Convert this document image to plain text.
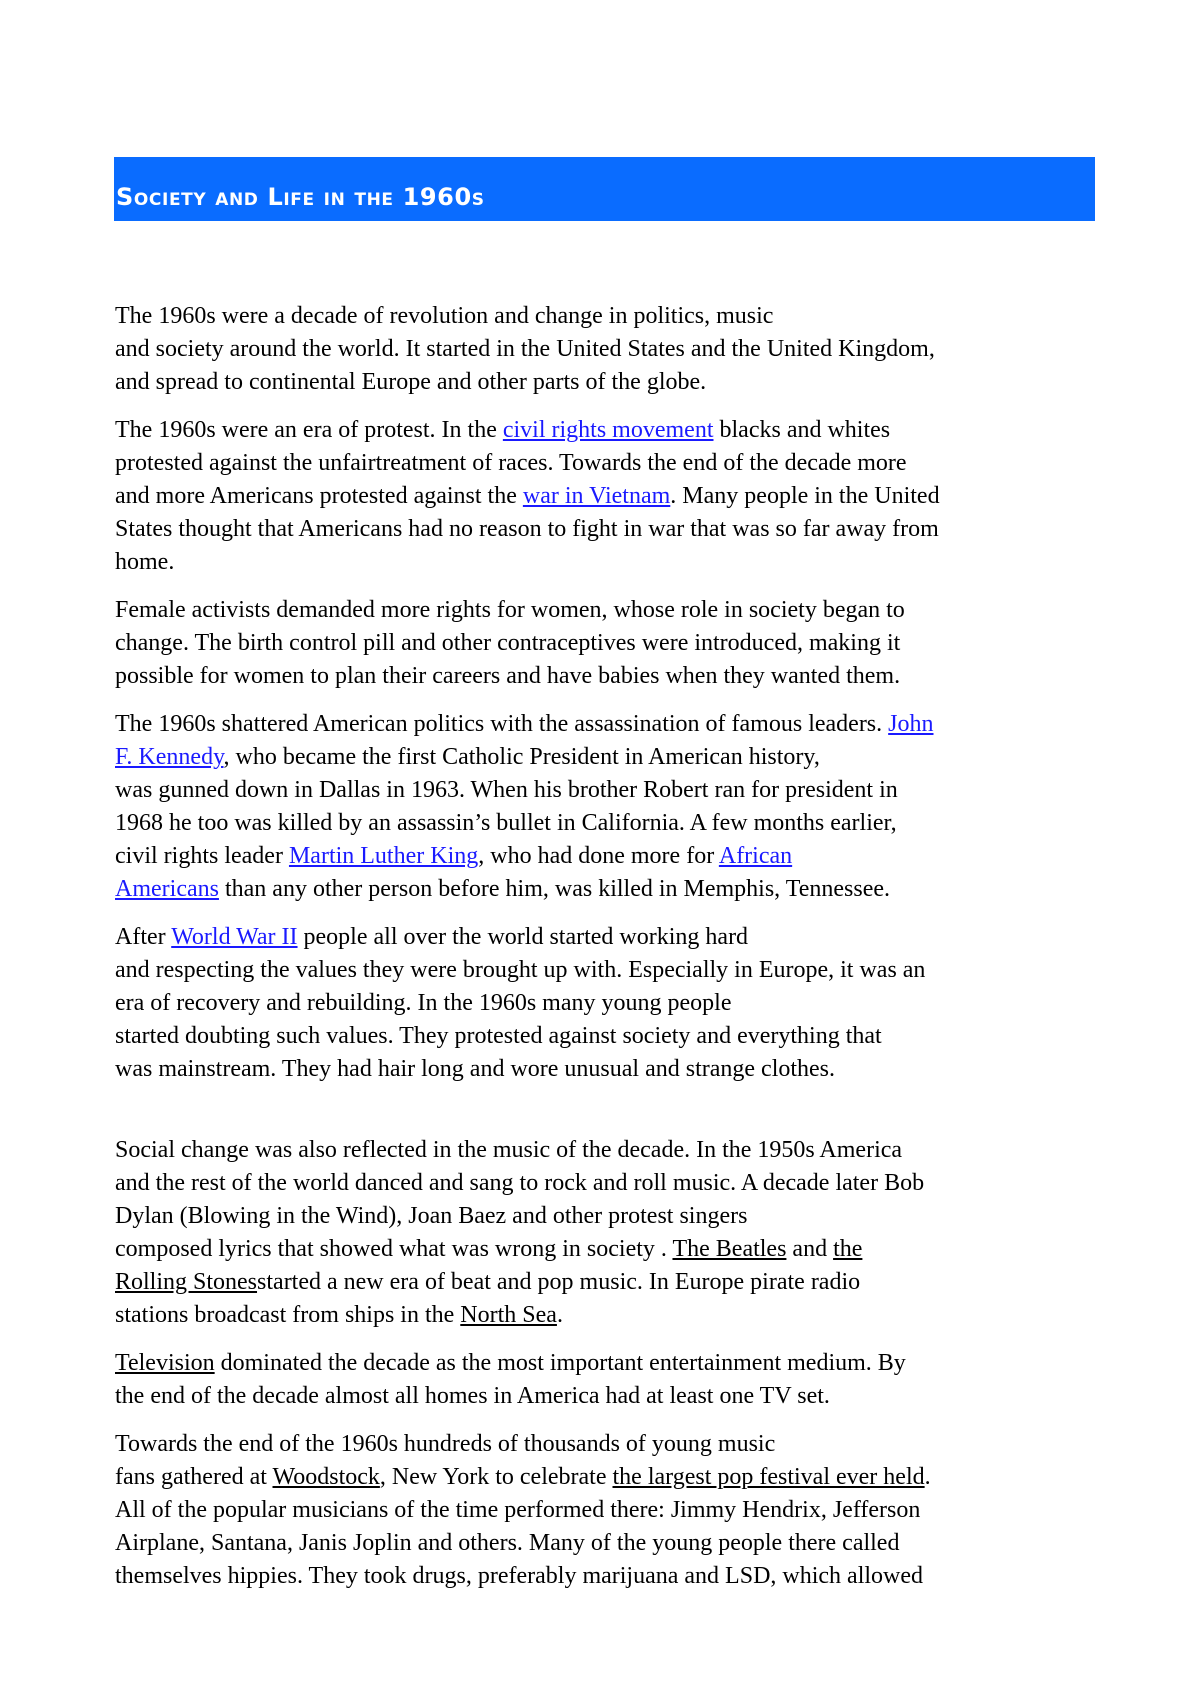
Society and Life in the 1960s
The 1960s were a decade of revolution and change in politics, music
and society around the world. It started in the United States and the United Kingdom,
and spread to continental Europe and other parts of the globe.
The 1960s were an era of protest. In the civil rights movement blacks and whites
protested against the unfairtreatment of races. Towards the end of the decade more
and more Americans protested against the war in Vietnam. Many people in the United
States thought that Americans had no reason to fight in war that was so far away from
home.
Female activists demanded more rights for women, whose role in society began to
change. The birth control pill and other contraceptives were introduced, making it
possible for women to plan their careers and have babies when they wanted them.
The 1960s shattered American politics with the assassination of famous leaders. John
F. Kennedy, who became the first Catholic President in American history,
was gunned down in Dallas in 1963. When his brother Robert ran for president in
1968 he too was killed by an assassin’s bullet in California. A few months earlier,
civil rights leader Martin Luther King, who had done more for African
Americans than any other person before him, was killed in Memphis, Tennessee.
After World War II people all over the world started working hard
and respecting the values they were brought up with. Especially in Europe, it was an
era of recovery and rebuilding. In the 1960s many young people
started doubting such values. They protested against society and everything that
was mainstream. They had hair long and wore unusual and strange clothes.
Social change was also reflected in the music of the decade. In the 1950s America
and the rest of the world danced and sang to rock and roll music. A decade later Bob
Dylan (Blowing in the Wind), Joan Baez and other protest singers
composed lyrics that showed what was wrong in society . The Beatles and the
Rolling Stonesstarted a new era of beat and pop music. In Europe pirate radio
stations broadcast from ships in the North Sea.
Television dominated the decade as the most important entertainment medium. By
the end of the decade almost all homes in America had at least one TV set.
Towards the end of the 1960s hundreds of thousands of young music
fans gathered at Woodstock, New York to celebrate the largest pop festival ever held.
All of the popular musicians of the time performed there: Jimmy Hendrix, Jefferson
Airplane, Santana, Janis Joplin and others. Many of the young people there called
themselves hippies. They took drugs, preferably marijuana and LSD, which allowed
